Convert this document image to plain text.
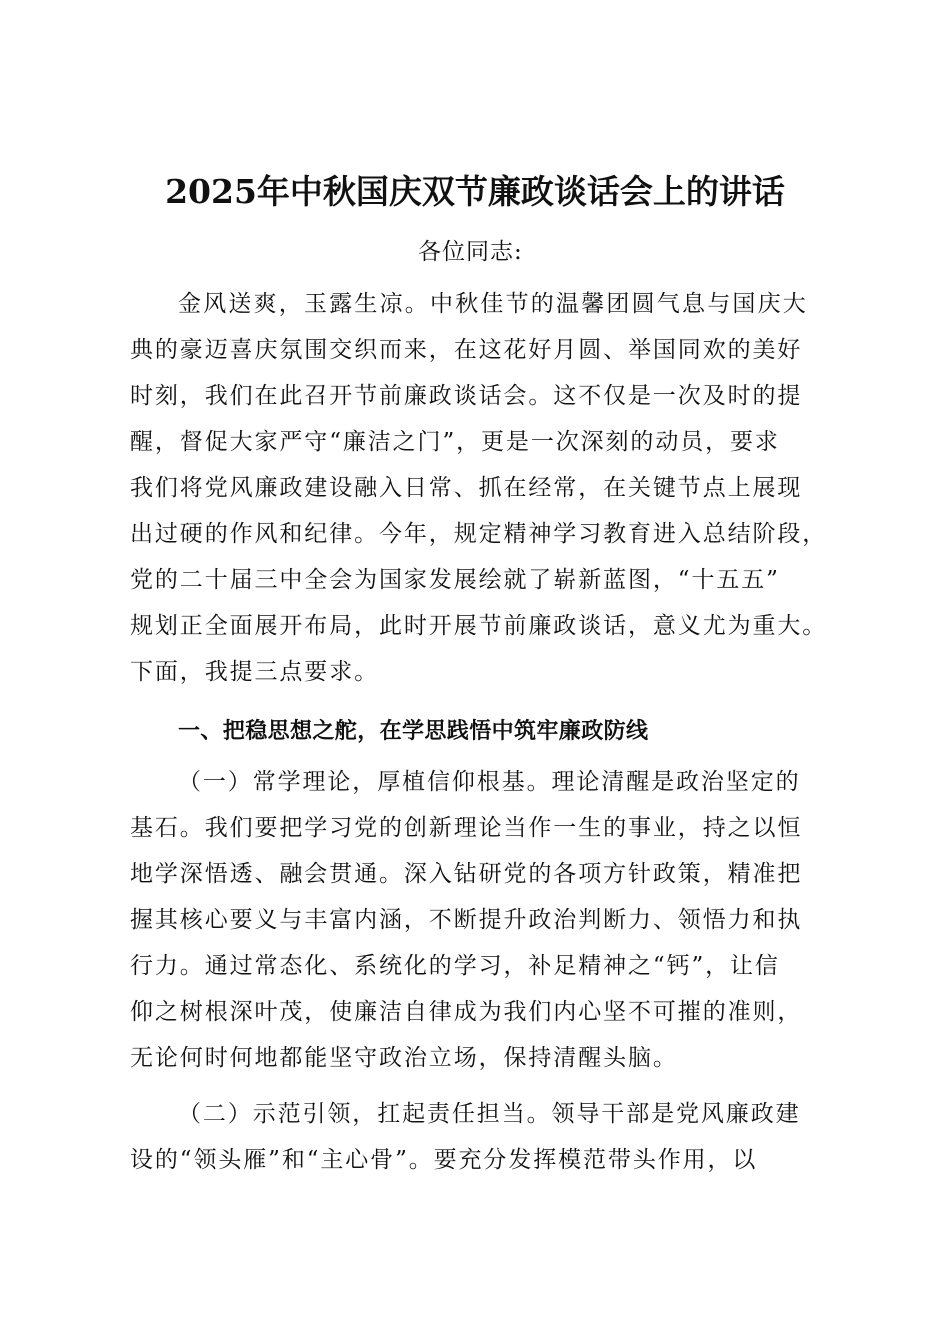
2025年中秋国庆双节廉政谈话会上的讲话
各位同志:
金风送爽，玉露生凉。中秋佳节的温馨团圆气息与国庆大
典的豪迈喜庆氛围交织而来，在这花好月圆、举国同欢的美好
时刻，我们在此召开节前廉政谈话会。这不仅是一次及时的提
醒，督促大家严守“廉洁之门”，更是一次深刻的动员，要求
我们将党风廉政建设融入日常、抓在经常，在关键节点上展现
出过硬的作风和纪律。今年，规定精神学习教育进入总结阶段，
党的二十届三中全会为国家发展绘就了崭新蓝图，“十五五”
规划正全面展开布局，此时开展节前廉政谈话，意义尤为重大。
下面，我提三点要求。
一、把稳思想之舵，在学思践悟中筑牢廉政防线
（一）常学理论，厚植信仰根基。理论清醒是政治坚定的
基石。我们要把学习党的创新理论当作一生的事业，持之以恒
地学深悟透、融会贯通。深入钻研党的各项方针政策，精准把
握其核心要义与丰富内涵，不断提升政治判断力、领悟力和执
行力。通过常态化、系统化的学习，补足精神之“钙”，让信
仰之树根深叶茂，使廉洁自律成为我们内心坚不可摧的准则，
无论何时何地都能坚守政治立场，保持清醒头脑。
（二）示范引领，扛起责任担当。领导干部是党风廉政建
设的“领头雁”和“主心骨”。要充分发挥模范带头作用，以
